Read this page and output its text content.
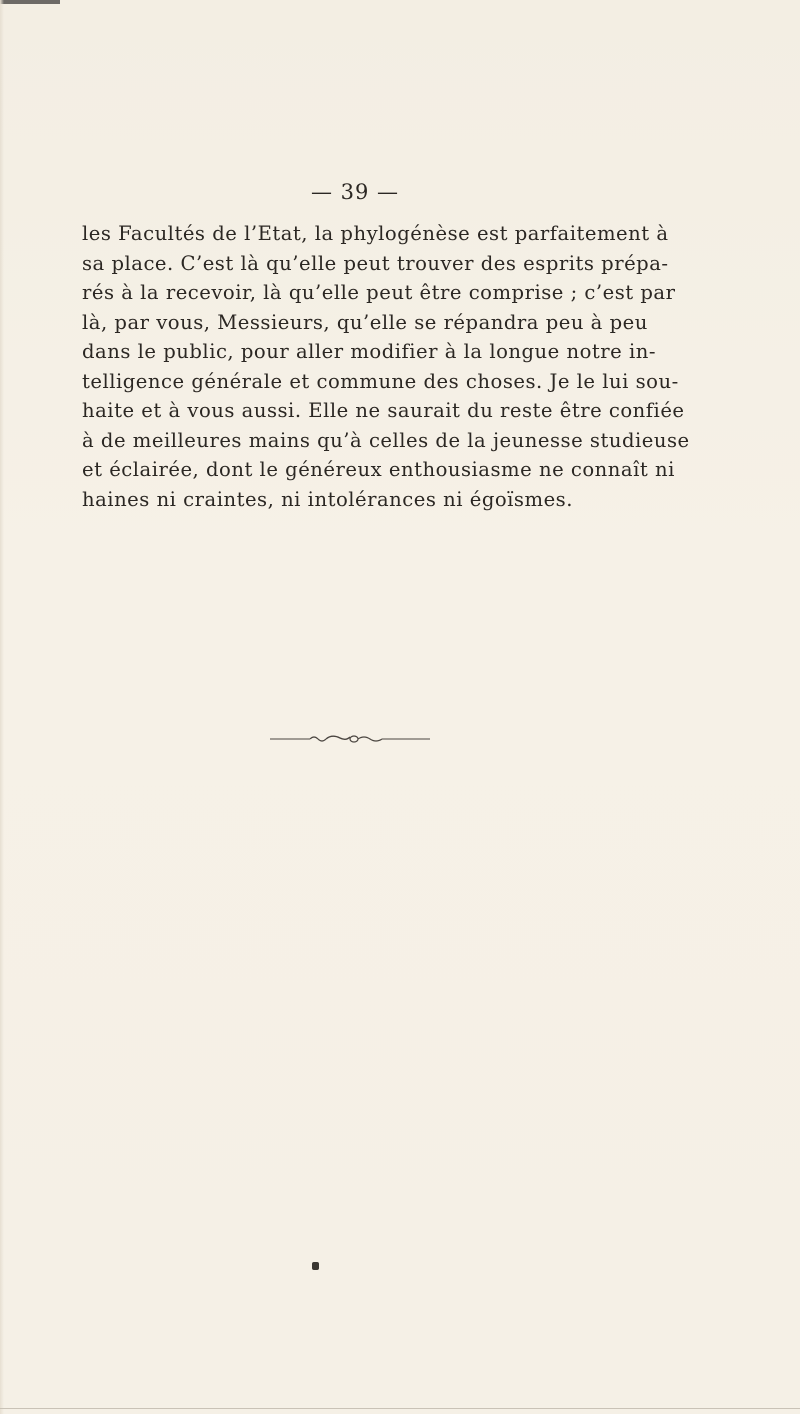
— 39 —

les Facultés de l’Etat, la phylogénèse est parfaitement à
sa place. C’est là qu’elle peut trouver des esprits prépa-
rés à la recevoir, là qu’elle peut être comprise ; c’est par
là, par vous, Messieurs, qu’elle se répandra peu à peu
dans le public, pour aller modifier à la longue notre in-
telligence générale et commune des choses. Je le lui sou-
haite et à vous aussi. Elle ne saurait du reste être confiée
à de meilleures mains qu’à celles de la jeunesse studieuse
et éclairée, dont le généreux enthousiasme ne connaît ni
haines ni craintes, ni intolérances ni égoïsmes.
